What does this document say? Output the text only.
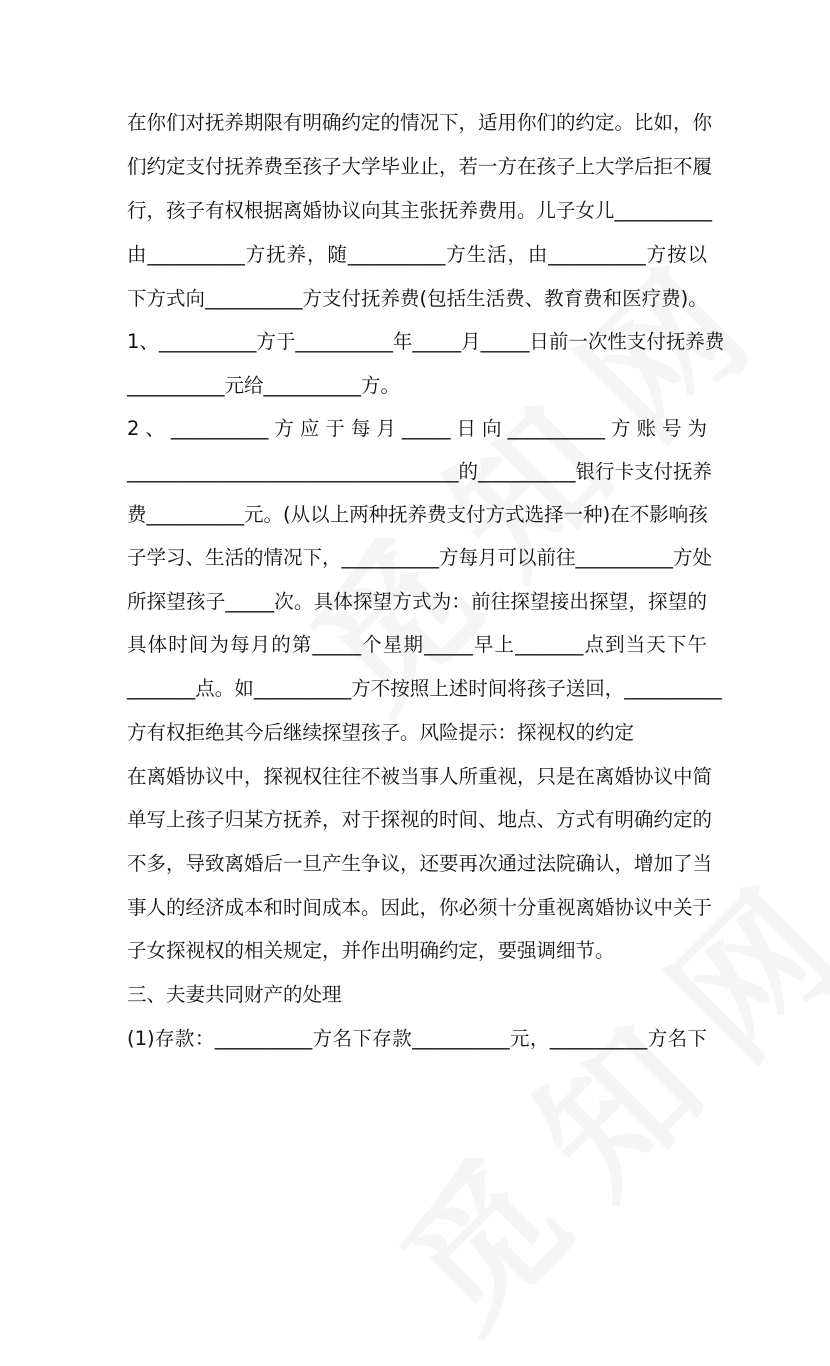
在你们对抚养期限有明确约定的情况下，适用你们的约定。比如，你
们约定支付抚养费至孩子大学毕业止，若一方在孩子上大学后拒不履
行，孩子有权根据离婚协议向其主张抚养费用。儿子女儿__________
由__________方抚养，随__________方生活，由__________方按以
下方式向__________方支付抚养费(包括生活费、教育费和医疗费)。
1、__________方于__________年_____月_____日前一次性支付抚养费
__________元给__________方。
2、__________方应于每月_____日向__________方账号为
__________________________________的__________银行卡支付抚养
费__________元。(从以上两种抚养费支付方式选择一种)在不影响孩
子学习、生活的情况下，__________方每月可以前往__________方处
所探望孩子_____次。具体探望方式为：前往探望接出探望，探望的
具体时间为每月的第_____个星期_____早上_______点到当天下午
_______点。如__________方不按照上述时间将孩子送回，__________
方有权拒绝其今后继续探望孩子。风险提示：探视权的约定
在离婚协议中，探视权往往不被当事人所重视，只是在离婚协议中简
单写上孩子归某方抚养，对于探视的时间、地点、方式有明确约定的
不多，导致离婚后一旦产生争议，还要再次通过法院确认，增加了当
事人的经济成本和时间成本。因此，你必须十分重视离婚协议中关于
子女探视权的相关规定，并作出明确约定，要强调细节。
三、夫妻共同财产的处理
(1)存款：__________方名下存款__________元，__________方名下
